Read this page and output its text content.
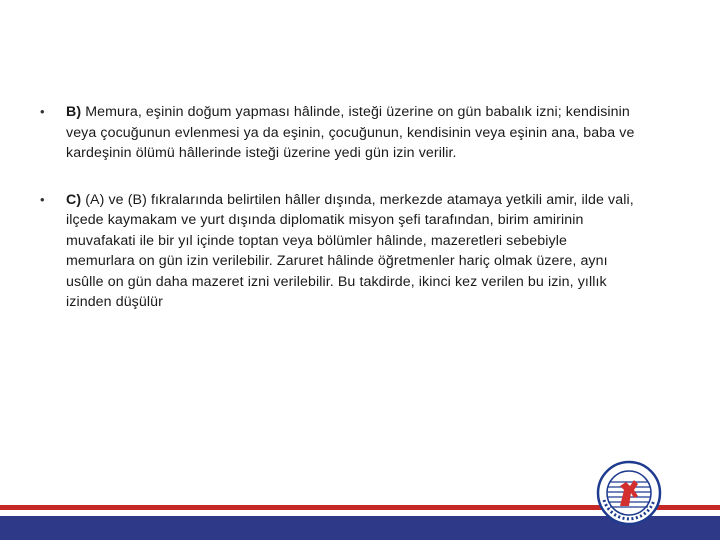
•	B) Memura, eşinin doğum yapması hâlinde, isteği üzerine on gün babalık izni; kendisinin veya çocuğunun evlenmesi ya da eşinin, çocuğunun, kendisinin veya eşinin ana, baba ve kardeşinin ölümü hâllerinde isteği üzerine yedi gün izin verilir.
•	C) (A) ve (B) fıkralarında belirtilen hâller dışında, merkezde atamaya yetkili amir, ilde vali, ilçede kaymakam ve yurt dışında diplomatik misyon şefi tarafından, birim amirinin muvafakati ile bir yıl içinde toptan veya bölümler hâlinde, mazeretleri sebebiyle memurlara on gün izin verilebilir. Zaruret hâlinde öğretmenler hariç olmak üzere, aynı usûlle on gün daha mazeret izni verilebilir. Bu takdirde, ikinci kez verilen bu izin, yıllık izinden düşülür
